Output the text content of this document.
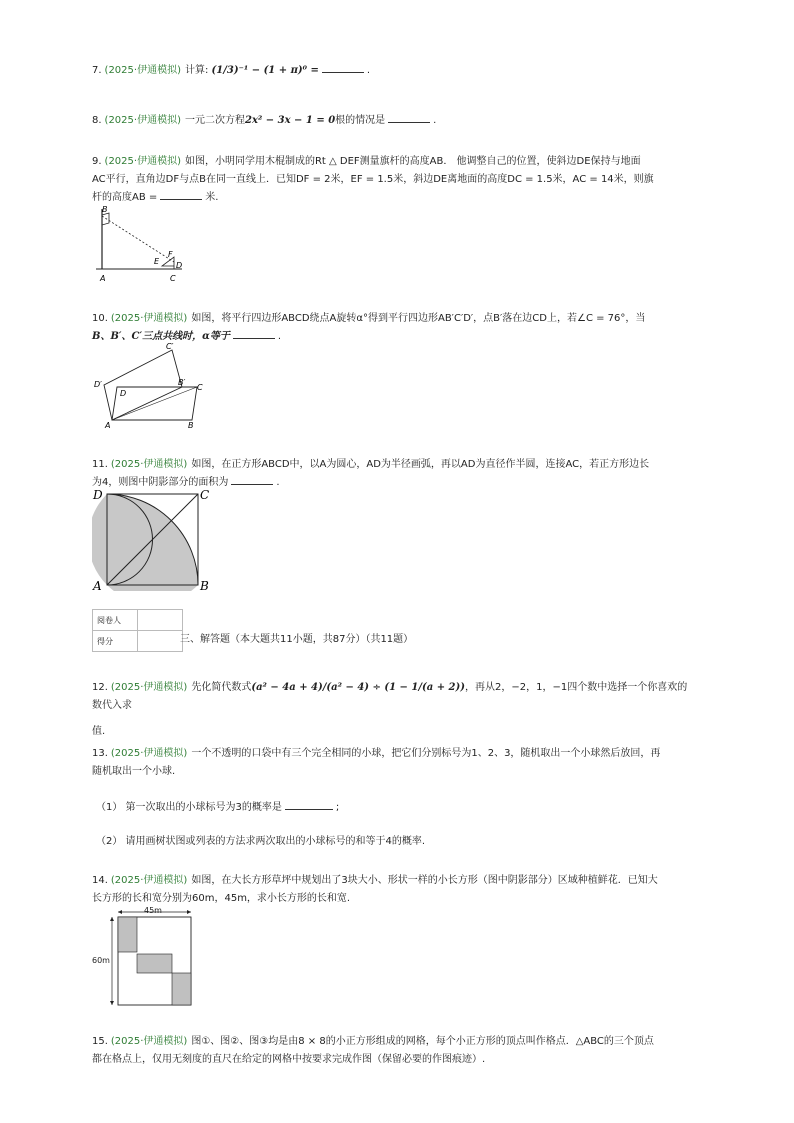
7. (2025·伊通模拟) 计算: (1/3)⁻¹ − (1 + π)⁰ =	.
8. (2025·伊通模拟) 一元二次方程2x² − 3x − 1 = 0根的情况是	.
9. (2025·伊通模拟) 如图，小明同学用木棍制成的Rt △ DEF测量旗杆的高度AB． 他调整自己的位置，使斜边DE保持与地面
AC平行，直角边DF与点B在同一直线上．已知DF = 2米，EF = 1.5米，斜边DE离地面的高度DC = 1.5米，AC = 14米，则旗
杆的高度AB =	米.
B
E
F
D
A	C
10. (2025·伊通模拟) 如图，将平行四边形ABCD绕点A旋转α°得到平行四边形AB′C′D′，点B′落在边CD上，若∠C = 76°，当
B、B′、C′三点共线时，α等于	.
C′
D′	B′
C
D
A	B
11. (2025·伊通模拟) 如图，在正方形ABCD中，以A为圆心，AD为半径画弧，再以AD为直径作半圆，连接AC，若正方形边长
为4，则图中阴影部分的面积为	.
D	C
A	B
阅卷人	
得分		三、解答题（本大题共11小题，共87分）（共11题）
12. (2025·伊通模拟) 先化简代数式(a² − 4a + 4)/(a² − 4) ÷ (1 − 1/(a + 2))，再从2，−2，1，−1四个数中选择一个你喜欢的数代入求
值.
13. (2025·伊通模拟) 一个不透明的口袋中有三个完全相同的小球，把它们分别标号为1、2、3，随机取出一个小球然后放回，再
随机取出一个小球.
（1） 第一次取出的小球标号为3的概率是	;
（2） 请用画树状图或列表的方法求两次取出的小球标号的和等于4的概率.
14. (2025·伊通模拟) 如图，在大长方形草坪中规划出了3块大小、形状一样的小长方形（图中阴影部分）区域种植鲜花．已知大
长方形的长和宽分别为60m，45m，求小长方形的长和宽.
45m
60m
15. (2025·伊通模拟) 图①、图②、图③均是由8 × 8的小正方形组成的网格，每个小正方形的顶点叫作格点．△ABC的三个顶点
都在格点上，仅用无刻度的直尺在给定的网格中按要求完成作图（保留必要的作图痕迹）.
